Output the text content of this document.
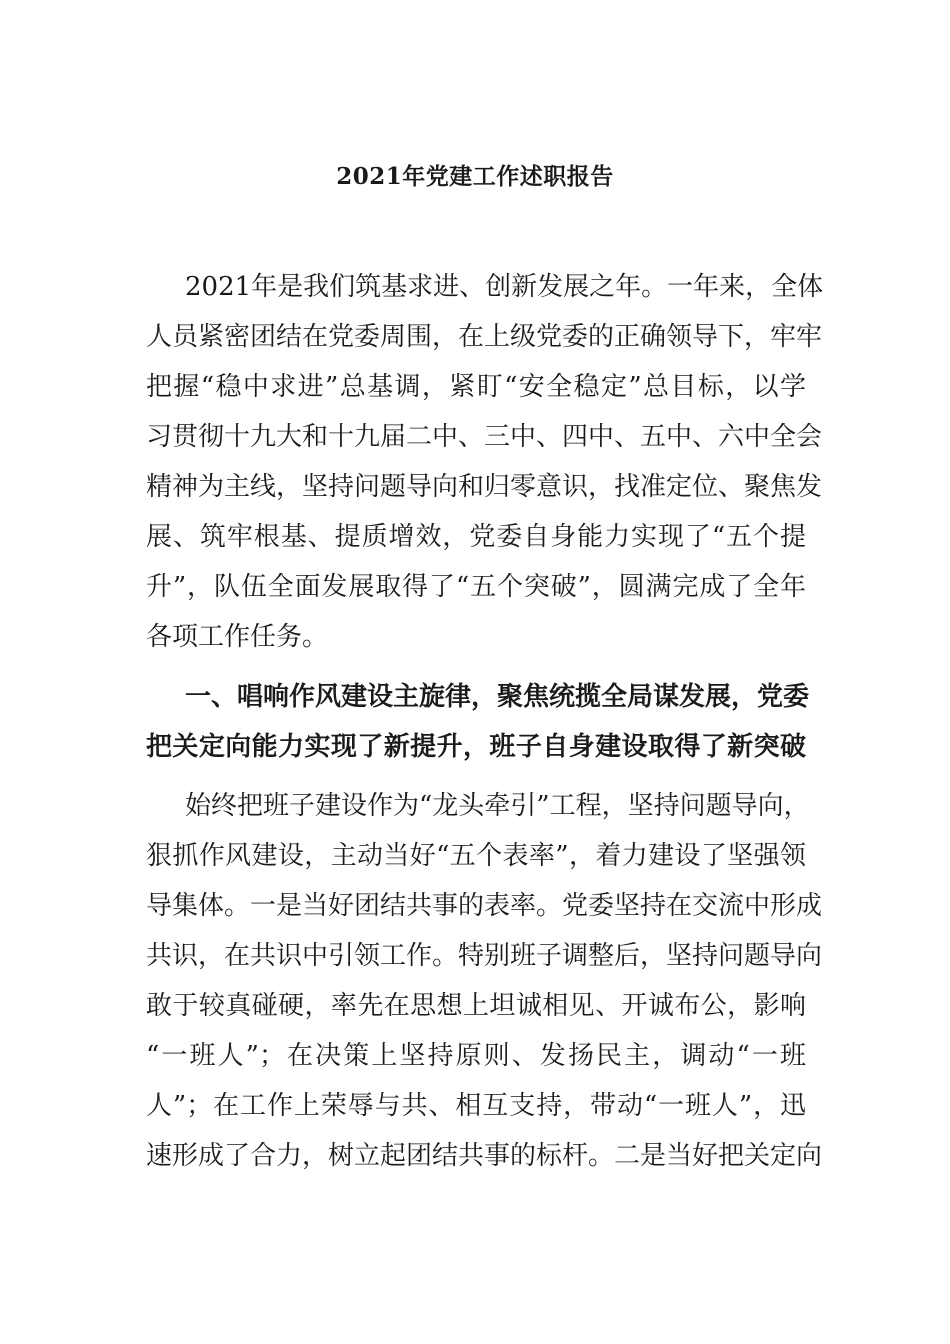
2021年党建工作述职报告
2021年是我们筑基求进、创新发展之年。一年来，全体
人员紧密团结在党委周围，在上级党委的正确领导下，牢牢
把握“稳中求进”总基调，紧盯“安全稳定”总目标，以学
习贯彻十九大和十九届二中、三中、四中、五中、六中全会
精神为主线，坚持问题导向和归零意识，找准定位、聚焦发
展、筑牢根基、提质增效，党委自身能力实现了“五个提
升”，队伍全面发展取得了“五个突破”，圆满完成了全年
各项工作任务。
一、唱响作风建设主旋律，聚焦统揽全局谋发展，党委
把关定向能力实现了新提升，班子自身建设取得了新突破
始终把班子建设作为“龙头牵引”工程，坚持问题导向，
狠抓作风建设，主动当好“五个表率”，着力建设了坚强领
导集体。一是当好团结共事的表率。党委坚持在交流中形成
共识，在共识中引领工作。特别班子调整后，坚持问题导向
敢于较真碰硬，率先在思想上坦诚相见、开诚布公，影响
“一班人”；在决策上坚持原则、发扬民主，调动“一班
人”；在工作上荣辱与共、相互支持，带动“一班人”，迅
速形成了合力，树立起团结共事的标杆。二是当好把关定向
